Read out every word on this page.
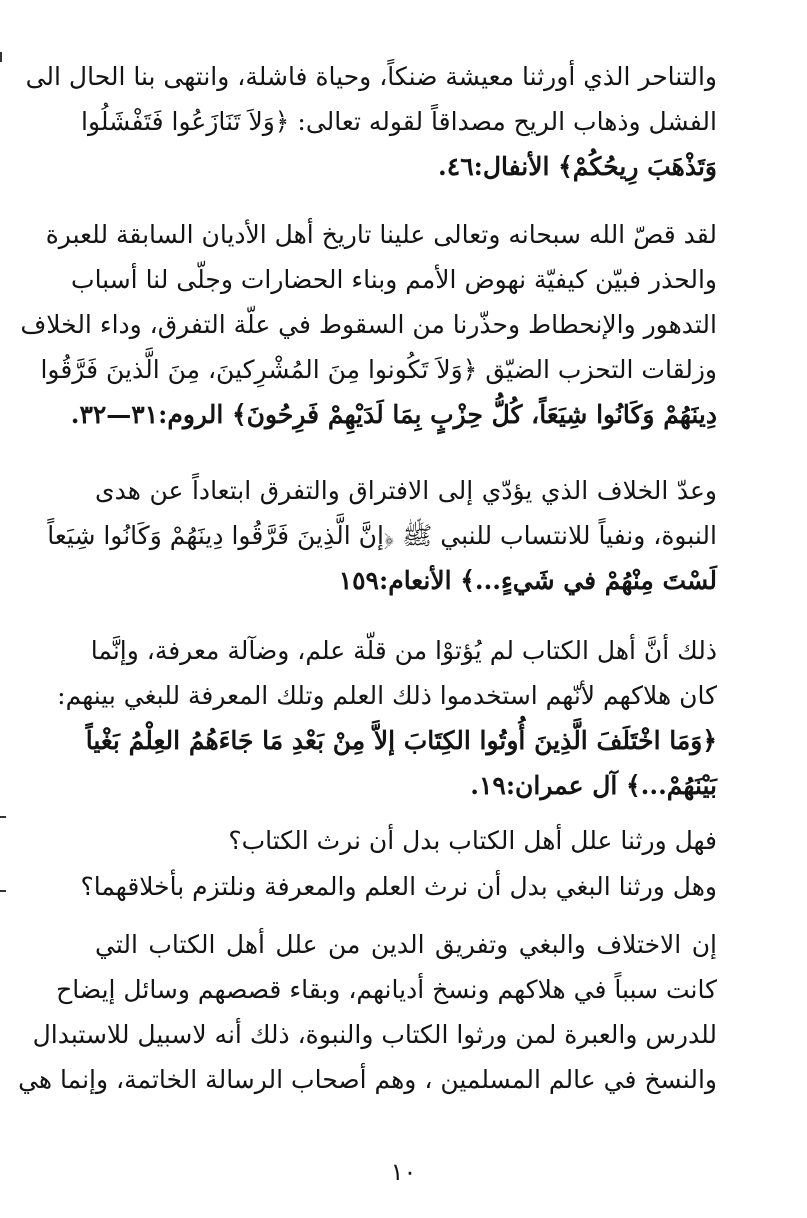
والتناحر الذي أورثنا معيشة ضنكاً، وحياة فاشلة، وانتهى بنا الحال الى
الفشل وذهاب الريح مصداقاً لقوله تعالى: ﴿وَلاَ تَنَازَعُوا فَتَفْشَلُوا
وَتَذْهَبَ رِيحُكُمْ﴾ الأنفال:٤٦.
لقد قصّ الله سبحانه وتعالى علينا تاريخ أهل الأديان السابقة للعبرة
والحذر فبيّن كيفيّة نهوض الأمم وبناء الحضارات وجلّى لنا أسباب
التدهور والإنحطاط وحذّرنا من السقوط في علّة التفرق، وداء الخلاف
وزلقات التحزب الضيّق ﴿وَلاَ تَكُونوا مِنَ المُشْرِكينَ، مِنَ الَّذينَ فَرَّقُوا
دِينَهُمْ وَكَانُوا شِيَعَاً، كُلُّ حِزْبٍ بِمَا لَدَيْهِمْ فَرِحُونَ﴾ الروم:٣١—٣٢.
وعدّ الخلاف الذي يؤدّي إلى الافتراق والتفرق ابتعاداً عن هدى
النبوة، ونفياً للانتساب للنبي ﷺ ﴿إنَّ الَّذِينَ فَرَّقُوا دِينَهُمْ وَكَانُوا شِيَعاً
لَسْتَ مِنْهُمْ في شَيءٍ...﴾ الأنعام:١٥٩
ذلك أنَّ أهل الكتاب لم يُؤتوْا من قلّة علم، وضآلة معرفة، وإنَّما
كان هلاكهم لأنّهم استخدموا ذلك العلم وتلك المعرفة للبغي بينهم:
﴿وَمَا اخْتَلَفَ الَّذِينَ أُوتُوا الكِتَابَ إلاَّ مِنْ بَعْدِ مَا جَاءَهُمُ العِلْمُ بَغْياً
بَيْنَهُمْ...﴾ آل عمران:١٩.
فهل ورثنا علل أهل الكتاب بدل أن نرث الكتاب؟
وهل ورثنا البغي بدل أن نرث العلم والمعرفة ونلتزم بأخلاقهما؟
إن الاختلاف والبغي وتفريق الدين من علل أهل الكتاب التي
كانت سبباً في هلاكهم ونسخ أديانهم، وبقاء قصصهم وسائل إيضاح
للدرس والعبرة لمن ورثوا الكتاب والنبوة، ذلك أنه لاسبيل للاستبدال
والنسخ في عالم المسلمين ، وهم أصحاب الرسالة الخاتمة، وإنما هي
١٠
